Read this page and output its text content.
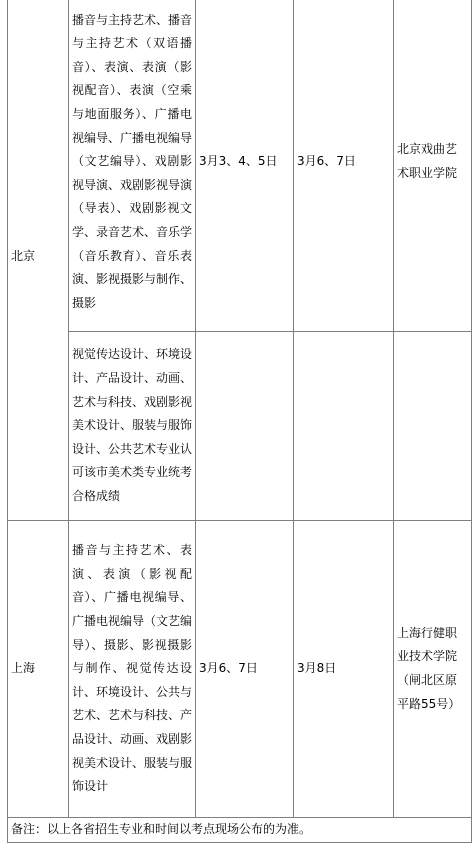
北京	播音与主持艺术、播音与主持艺术（双语播音）、表演、表演（影视配音）、表演（空乘与地面服务）、广播电视编导、广播电视编导（文艺编导）、戏剧影视导演、戏剧影视导演（导表）、戏剧影视文学、录音艺术、音乐学（音乐教育）、音乐表演、影视摄影与制作、摄影	3月3、4、5日	3月6、7日	北京戏曲艺术职业学院
	视觉传达设计、环境设计、产品设计、动画、艺术与科技、戏剧影视美术设计、服装与服饰设计、公共艺术专业认可该市美术类专业统考合格成绩			
上海	播音与主持艺术、表演、表演（影视配音）、广播电视编导、广播电视编导（文艺编导）、摄影、影视摄影与制作、视觉传达设计、环境设计、公共与艺术、艺术与科技、产品设计、动画、戏剧影视美术设计、服装与服饰设计	3月6、7日	3月8日	上海行健职业技术学院（闸北区原平路55号）
备注：以上各省招生专业和时间以考点现场公布的为准。				
